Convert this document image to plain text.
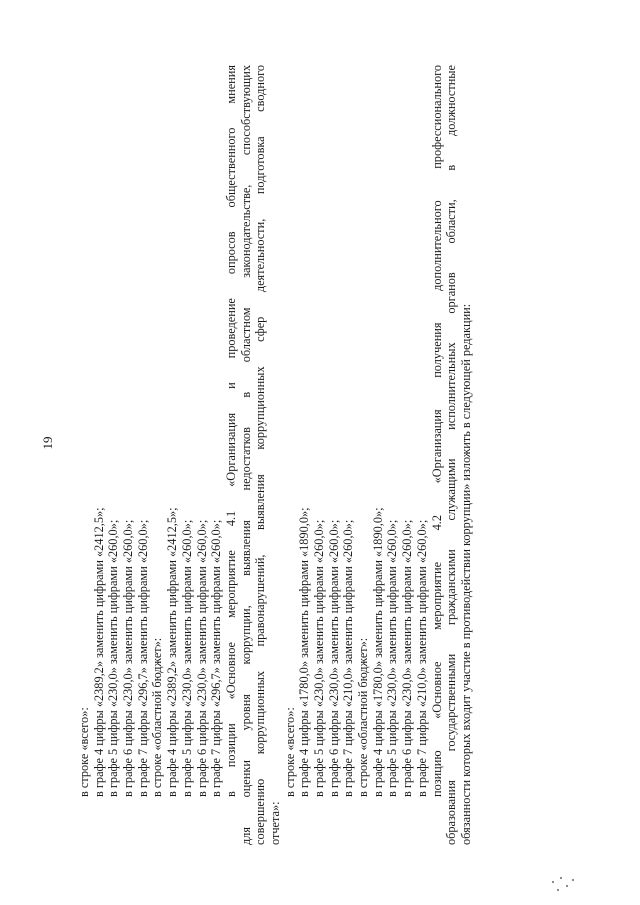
19
в строке «всего»: в графе 4 цифры «2389,2» заменить цифрами «2412,5»; в графе 5 цифры «230,0» заменить цифрами «260,0»; в графе 6 цифры «230,0» заменить цифрами «260,0»; в графе 7 цифры «296,7» заменить цифрами «260,0»; в строке «областной бюджет»: в графе 4 цифры «2389,2» заменить цифрами «2412,5»; в графе 5 цифры «230,0» заменить цифрами «260,0»; в графе 6 цифры «230,0» заменить цифрами «260,0»; в графе 7 цифры «296,7» заменить цифрами «260,0»; в позиции «Основное мероприятие 4.1 «Организация и проведение опросов общественного мнения для оценки уровня коррупции, выявления недостатков в областном законодательстве, способствующих совершению коррупционных правонарушений, выявления коррупционных сфер деятельности, подготовка сводного отчета»:
в строке «всего»: в графе 4 цифры «1780,0» заменить цифрами «1890,0»; в графе 5 цифры «230,0» заменить цифрами «260,0»; в графе 6 цифры «230,0» заменить цифрами «260,0»; в графе 7 цифры «210,0» заменить цифрами «260,0»; в строке «областной бюджет»: в графе 4 цифры «1780,0» заменить цифрами «1890,0»; в графе 5 цифры «230,0» заменить цифрами «260,0»; в графе 6 цифры «230,0» заменить цифрами «260,0»; в графе 7 цифры «210,0» заменить цифрами «260,0»; позицию «Основное мероприятие 4.2 «Организация получения дополнительного профессионального образования государственными гражданскими служащими исполнительных органов области, в должностные обязанности которых входит участие в противодействии коррупции» изложить в следующей редакции:
